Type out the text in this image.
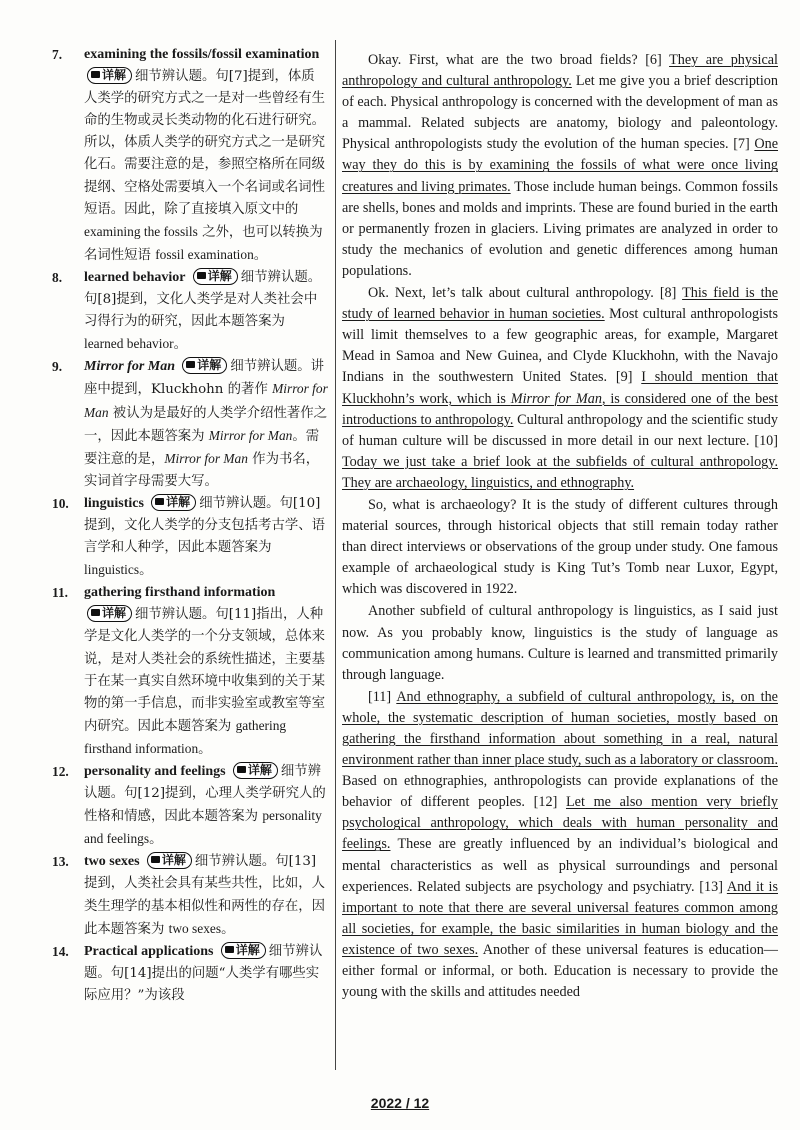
7. examining the fossils/fossil examination 详解 细节辨认题。句[7]提到，体质人类学的研究方式之一是对一些曾经有生命的生物或灵长类动物的化石进行研究。所以，体质人类学的研究方式之一是研究化石。需要注意的是，参照空格所在同级提纲、空格处需要填入一个名词或名词性短语。因此，除了直接填入原文中的 examining the fossils 之外，也可以转换为名词性短语 fossil examination。

8. learned behavior 详解 细节辨认题。句[8]提到，文化人类学是对人类社会中习得行为的研究，因此本题答案为 learned behavior。

9. Mirror for Man 详解 细节辨认题。讲座中提到，Kluckhohn 的著作 Mirror for Man 被认为是最好的人类学介绍性著作之一，因此本题答案为 Mirror for Man。需要注意的是，Mirror for Man 作为书名，实词首字母需要大写。

10. linguistics 详解 细节辨认题。句[10]提到，文化人类学的分支包括考古学、语言学和人种学，因此本题答案为 linguistics。

11. gathering firsthand information 详解 细节辨认题。句[11]指出，人种学是文化人类学的一个分支领域，总体来说，是对人类社会的系统性描述，主要基于在某一真实自然环境中收集到的关于某物的第一手信息，而非实验室或教室等室内研究。因此本题答案为 gathering firsthand information。

12. personality and feelings 详解 细节辨认题。句[12]提到，心理人类学研究人的性格和情感，因此本题答案为 personality and feelings。

13. two sexes 详解 细节辨认题。句[13]提到，人类社会具有某些共性，比如，人类生理学的基本相似性和两性的存在，因此本题答案为 two sexes。

14. Practical applications 详解 细节辨认题。句[14]提出的问题“人类学有哪些实际应用？”为该段

Okay. First, what are the two broad fields? [6] They are physical anthropology and cultural anthropology. Let me give you a brief description of each. Physical anthropology is concerned with the development of man as a mammal. Related subjects are anatomy, biology and paleontology. Physical anthropologists study the evolution of the human species. [7] One way they do this is by examining the fossils of what were once living creatures and living primates. Those include human beings. Common fossils are shells, bones and molds and imprints. These are found buried in the earth or permanently frozen in glaciers. Living primates are analyzed in order to study the mechanics of evolution and genetic differences among human populations.

Ok. Next, let’s talk about cultural anthropology. [8] This field is the study of learned behavior in human societies. Most cultural anthropologists will limit themselves to a few geographic areas, for example, Margaret Mead in Samoa and New Guinea, and Clyde Kluckhohn, with the Navajo Indians in the southwestern United States. [9] I should mention that Kluckhohn’s work, which is Mirror for Man, is considered one of the best introductions to anthropology. Cultural anthropology and the scientific study of human culture will be discussed in more detail in our next lecture. [10] Today we just take a brief look at the subfields of cultural anthropology. They are archaeology, linguistics, and ethnography.

So, what is archaeology? It is the study of different cultures through material sources, through historical objects that still remain today rather than direct interviews or observations of the group under study. One famous example of archaeological study is King Tut’s Tomb near Luxor, Egypt, which was discovered in 1922.

Another subfield of cultural anthropology is linguistics, as I said just now. As you probably know, linguistics is the study of language as communication among humans. Culture is learned and transmitted primarily through language.

[11] And ethnography, a subfield of cultural anthropology, is, on the whole, the systematic description of human societies, mostly based on gathering the firsthand information about something in a real, natural environment rather than inner place study, such as a laboratory or classroom. Based on ethnographies, anthropologists can provide explanations of the behavior of different peoples. [12] Let me also mention very briefly psychological anthropology, which deals with human personality and feelings. These are greatly influenced by an individual’s biological and mental characteristics as well as physical surroundings and personal experiences. Related subjects are psychology and psychiatry. [13] And it is important to note that there are several universal features common among all societies, for example, the basic similarities in human biology and the existence of two sexes. Another of these universal features is education—either formal or informal, or both. Education is necessary to provide the young with the skills and attitudes needed

2022 / 12
